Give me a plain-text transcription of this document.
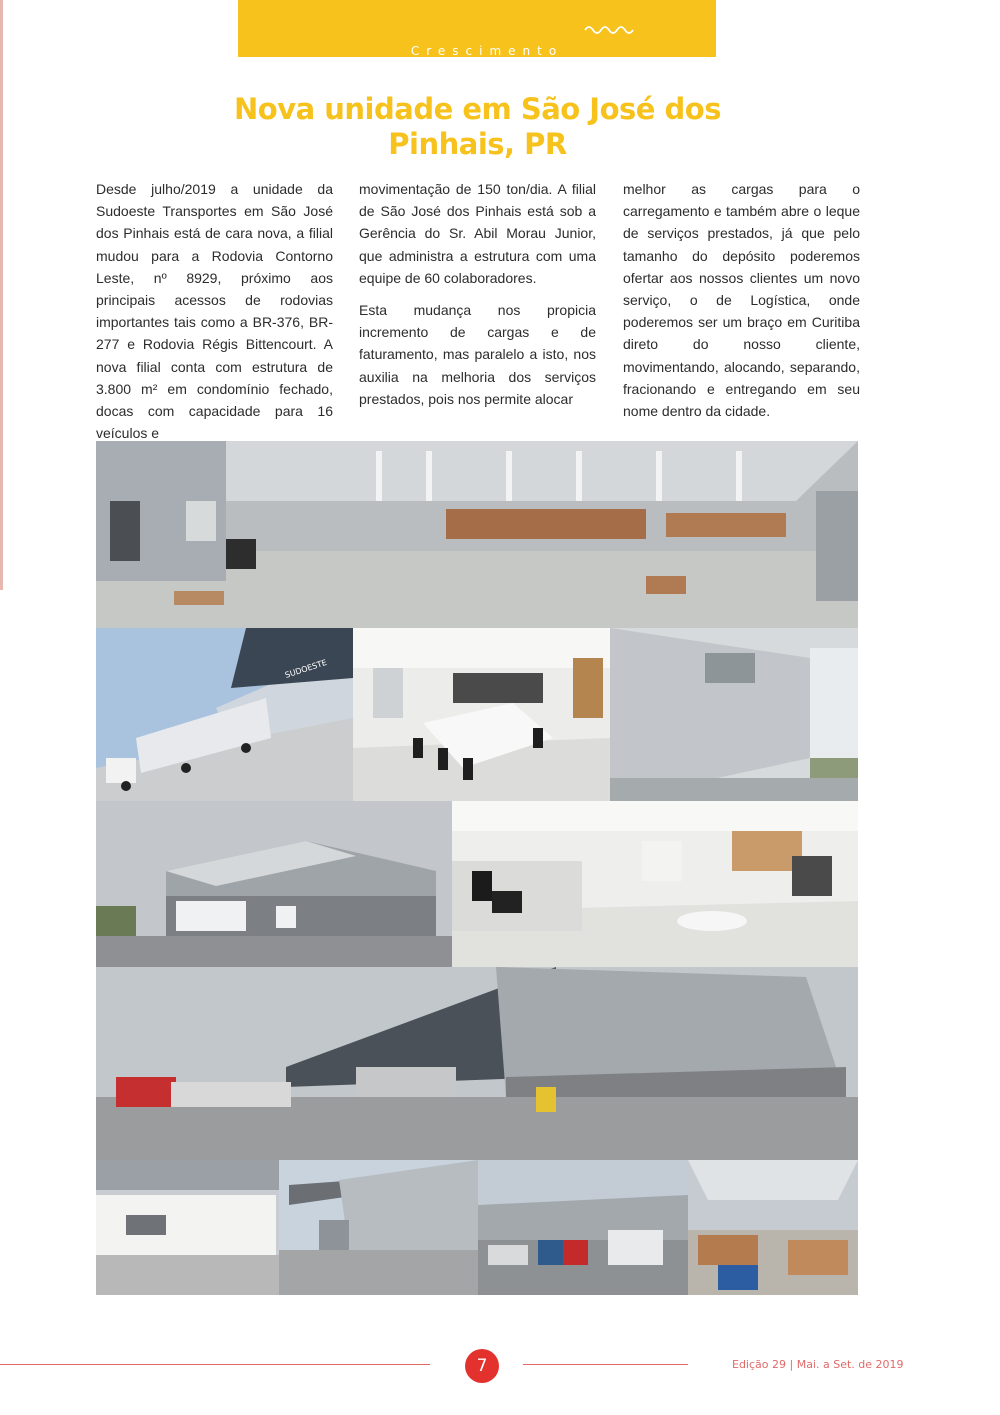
Crescimento
Nova unidade em São José dos Pinhais, PR

Desde julho/2019 a unidade da Sudoeste Transportes em São José dos Pinhais está de cara nova, a filial mudou para a Rodovia Contorno Leste, nº 8929, próximo aos principais acessos de rodovias importantes tais como a BR-376, BR-277 e Rodovia Régis Bittencourt. A nova filial conta com estrutura de 3.800 m² em condomínio fechado, docas com capacidade para 16 veículos e

movimentação de 150 ton/dia. A filial de São José dos Pinhais está sob a Gerência do Sr. Abil Morau Junior, que administra a estrutura com uma equipe de 60 colaboradores.

Esta mudança nos propicia incremento de cargas e de faturamento, mas paralelo a isto, nos auxilia na melhoria dos serviços prestados, pois nos permite alocar

melhor as cargas para o carregamento e também abre o leque de serviços prestados, já que pelo tamanho do depósito poderemos ofertar aos nossos clientes um novo serviço, o de Logística, onde poderemos ser um braço em Curitiba direto do nosso cliente, movimentando, alocando, separando, fracionando e entregando em seu nome dentro da cidade.

SUDOESTE
7	Edição 29 | Mai. a Set. de 2019
